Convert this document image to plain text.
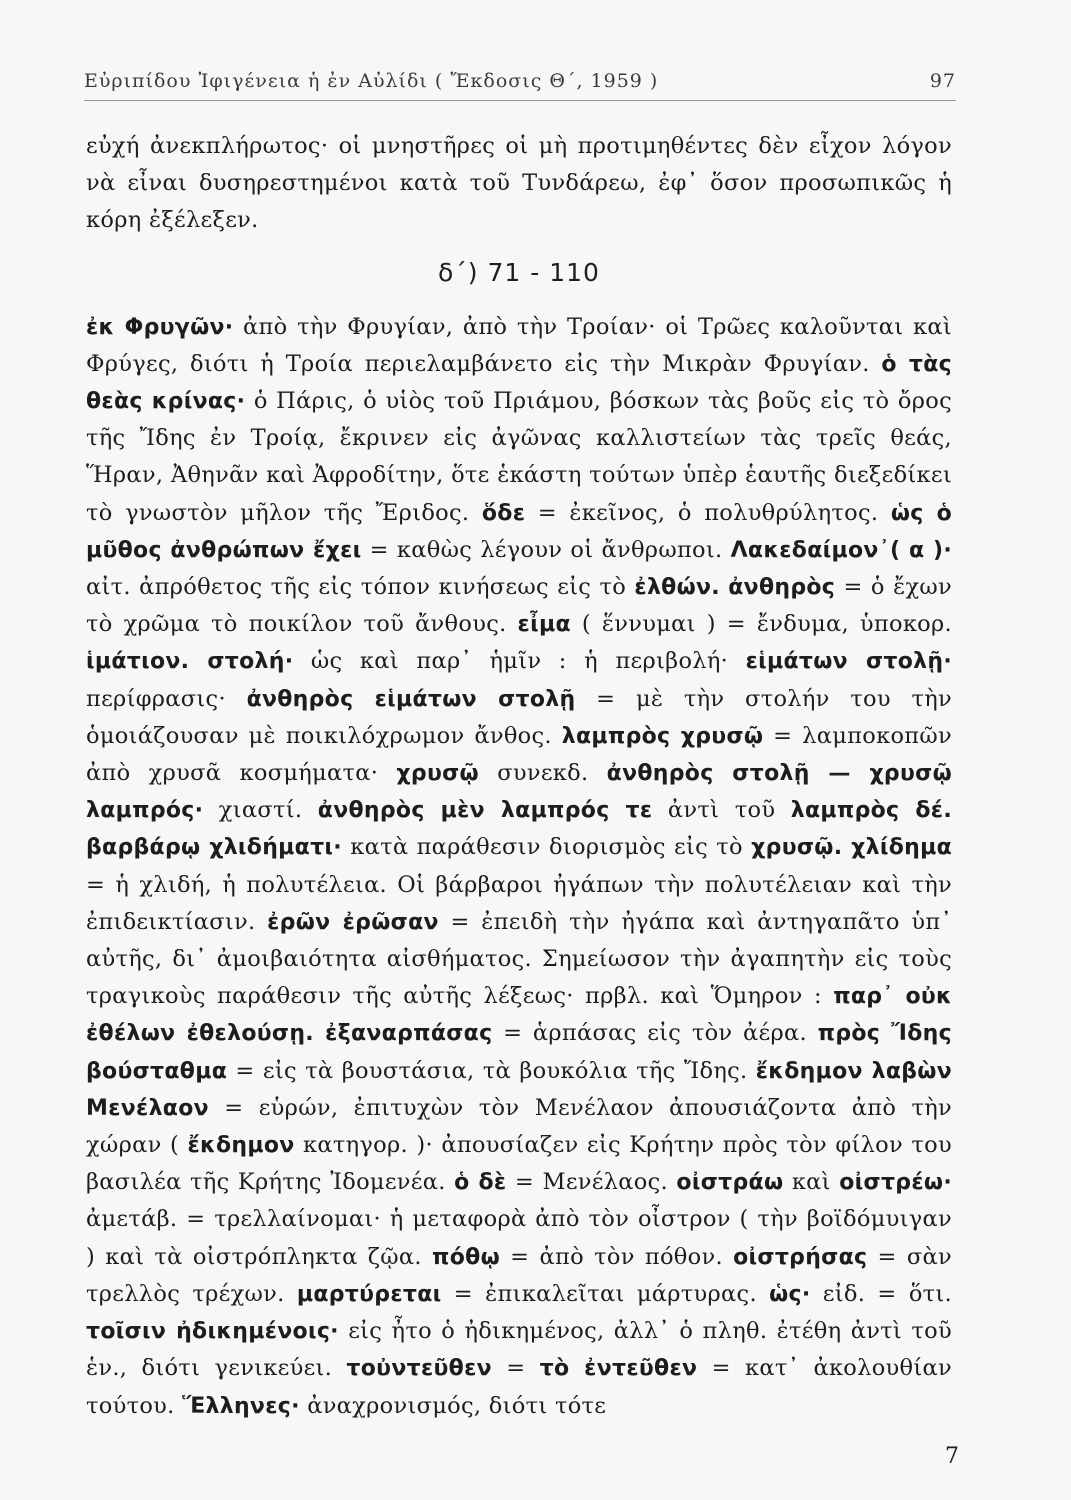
Εὐριπίδου Ἰφιγένεια ἡ ἐν Αὐλίδι ( Ἔκδοσις Θ΄, 1959 )	97

εὐχή ἀνεκπλήρωτος· οἱ μνηστῆρες οἱ μὴ προτιμηθέντες δὲν εἶχον λόγον νὰ εἶναι δυσηρεστημένοι κατὰ τοῦ Τυνδάρεω, ἐφ᾽ ὅσον προσωπικῶς ἡ κόρη ἐξέλεξεν.

δ΄) 71 - 110

ἐκ Φρυγῶν· ἀπὸ τὴν Φρυγίαν, ἀπὸ τὴν Τροίαν· οἱ Τρῶες καλοῦνται καὶ Φρύγες, διότι ἡ Τροία περιελαμβάνετο εἰς τὴν Μικρὰν Φρυγίαν. ὁ τὰς θεὰς κρίνας· ὁ Πάρις, ὁ υἱὸς τοῦ Πριάμου, βόσκων τὰς βοῦς εἰς τὸ ὄρος τῆς Ἴδης ἐν Τροίᾳ, ἔκρινεν εἰς ἀγῶνας καλλιστείων τὰς τρεῖς θεάς, Ἥραν, Ἀθηνᾶν καὶ Ἀφροδίτην, ὅτε ἑκάστη τούτων ὑπὲρ ἑαυτῆς διεξεδίκει τὸ γνωστὸν μῆλον τῆς Ἔριδος. ὅδε = ἐκεῖνος, ὁ πολυθρύλητος. ὡς ὁ μῦθος ἀνθρώπων ἔχει = καθὼς λέγουν οἱ ἄνθρωποι. Λακεδαίμον᾽( α )· αἰτ. ἀπρόθετος τῆς εἰς τόπον κινήσεως εἰς τὸ ἐλθών. ἀνθηρὸς = ὁ ἔχων τὸ χρῶμα τὸ ποικίλον τοῦ ἄνθους. εἶμα ( ἕννυμαι ) = ἔνδυμα, ὑποκορ. ἱμάτιον. στολή· ὡς καὶ παρ᾽ ἡμῖν : ἡ περιβολή· εἱμάτων στολῇ· περίφρασις· ἀνθηρὸς εἱμάτων στολῇ = μὲ τὴν στολήν του τὴν ὁμοιάζουσαν μὲ ποικιλόχρωμον ἄνθος. λαμπρὸς χρυσῷ = λαμποκοπῶν ἀπὸ χρυσᾶ κοσμήματα· χρυσῷ συνεκδ. ἀνθηρὸς στολῇ — χρυσῷ λαμπρός· χιαστί. ἀνθηρὸς μὲν λαμπρός τε ἀντὶ τοῦ λαμπρὸς δέ. βαρβάρῳ χλιδήματι· κατὰ παράθεσιν διορισμὸς εἰς τὸ χρυσῷ. χλίδημα = ἡ χλιδή, ἡ πολυτέλεια. Οἱ βάρβαροι ἠγάπων τὴν πολυτέλειαν καὶ τὴν ἐπιδεικτίασιν. ἐρῶν ἐρῶσαν = ἐπειδὴ τὴν ἠγάπα καὶ ἀντηγαπᾶτο ὑπ᾽ αὐτῆς, δι᾽ ἀμοιβαιότητα αἰσθήματος. Σημείωσον τὴν ἀγαπητὴν εἰς τοὺς τραγικοὺς παράθεσιν τῆς αὐτῆς λέξεως· πρβλ. καὶ Ὅμηρον : παρ᾽ οὐκ ἐθέλων ἐθελούσῃ. ἐξαναρπάσας = ἁρπάσας εἰς τὸν ἀέρα. πρὸς Ἴδης βούσταθμα = εἰς τὰ βουστάσια, τὰ βουκόλια τῆς Ἴδης. ἔκδημον λαβὼν Μενέλαον = εὑρών, ἐπιτυχὼν τὸν Μενέλαον ἀπουσιάζοντα ἀπὸ τὴν χώραν ( ἔκδημον κατηγορ. )· ἀπουσίαζεν εἰς Κρήτην πρὸς τὸν φίλον του βασιλέα τῆς Κρήτης Ἰδομενέα. ὁ δὲ = Μενέλαος. οἰστράω καὶ οἰστρέω· ἀμετάβ. = τρελλαίνομαι· ἡ μεταφορὰ ἀπὸ τὸν οἶστρον ( τὴν βοϊδόμυιγαν ) καὶ τὰ οἰστρόπληκτα ζῷα. πόθῳ = ἀπὸ τὸν πόθον. οἰστρήσας = σὰν τρελλὸς τρέχων. μαρτύρεται = ἐπικαλεῖται μάρτυρας. ὡς· εἰδ. = ὅτι. τοῖσιν ἠδικημένοις· εἰς ἦτο ὁ ἠδικημένος, ἀλλ᾽ ὁ πληθ. ἐτέθη ἀντὶ τοῦ ἑν., διότι γενικεύει. τοὐντεῦθεν = τὸ ἐντεῦθεν = κατ᾽ ἀκολουθίαν τούτου. Ἕλληνες· ἀναχρονισμός, διότι τότε

7
